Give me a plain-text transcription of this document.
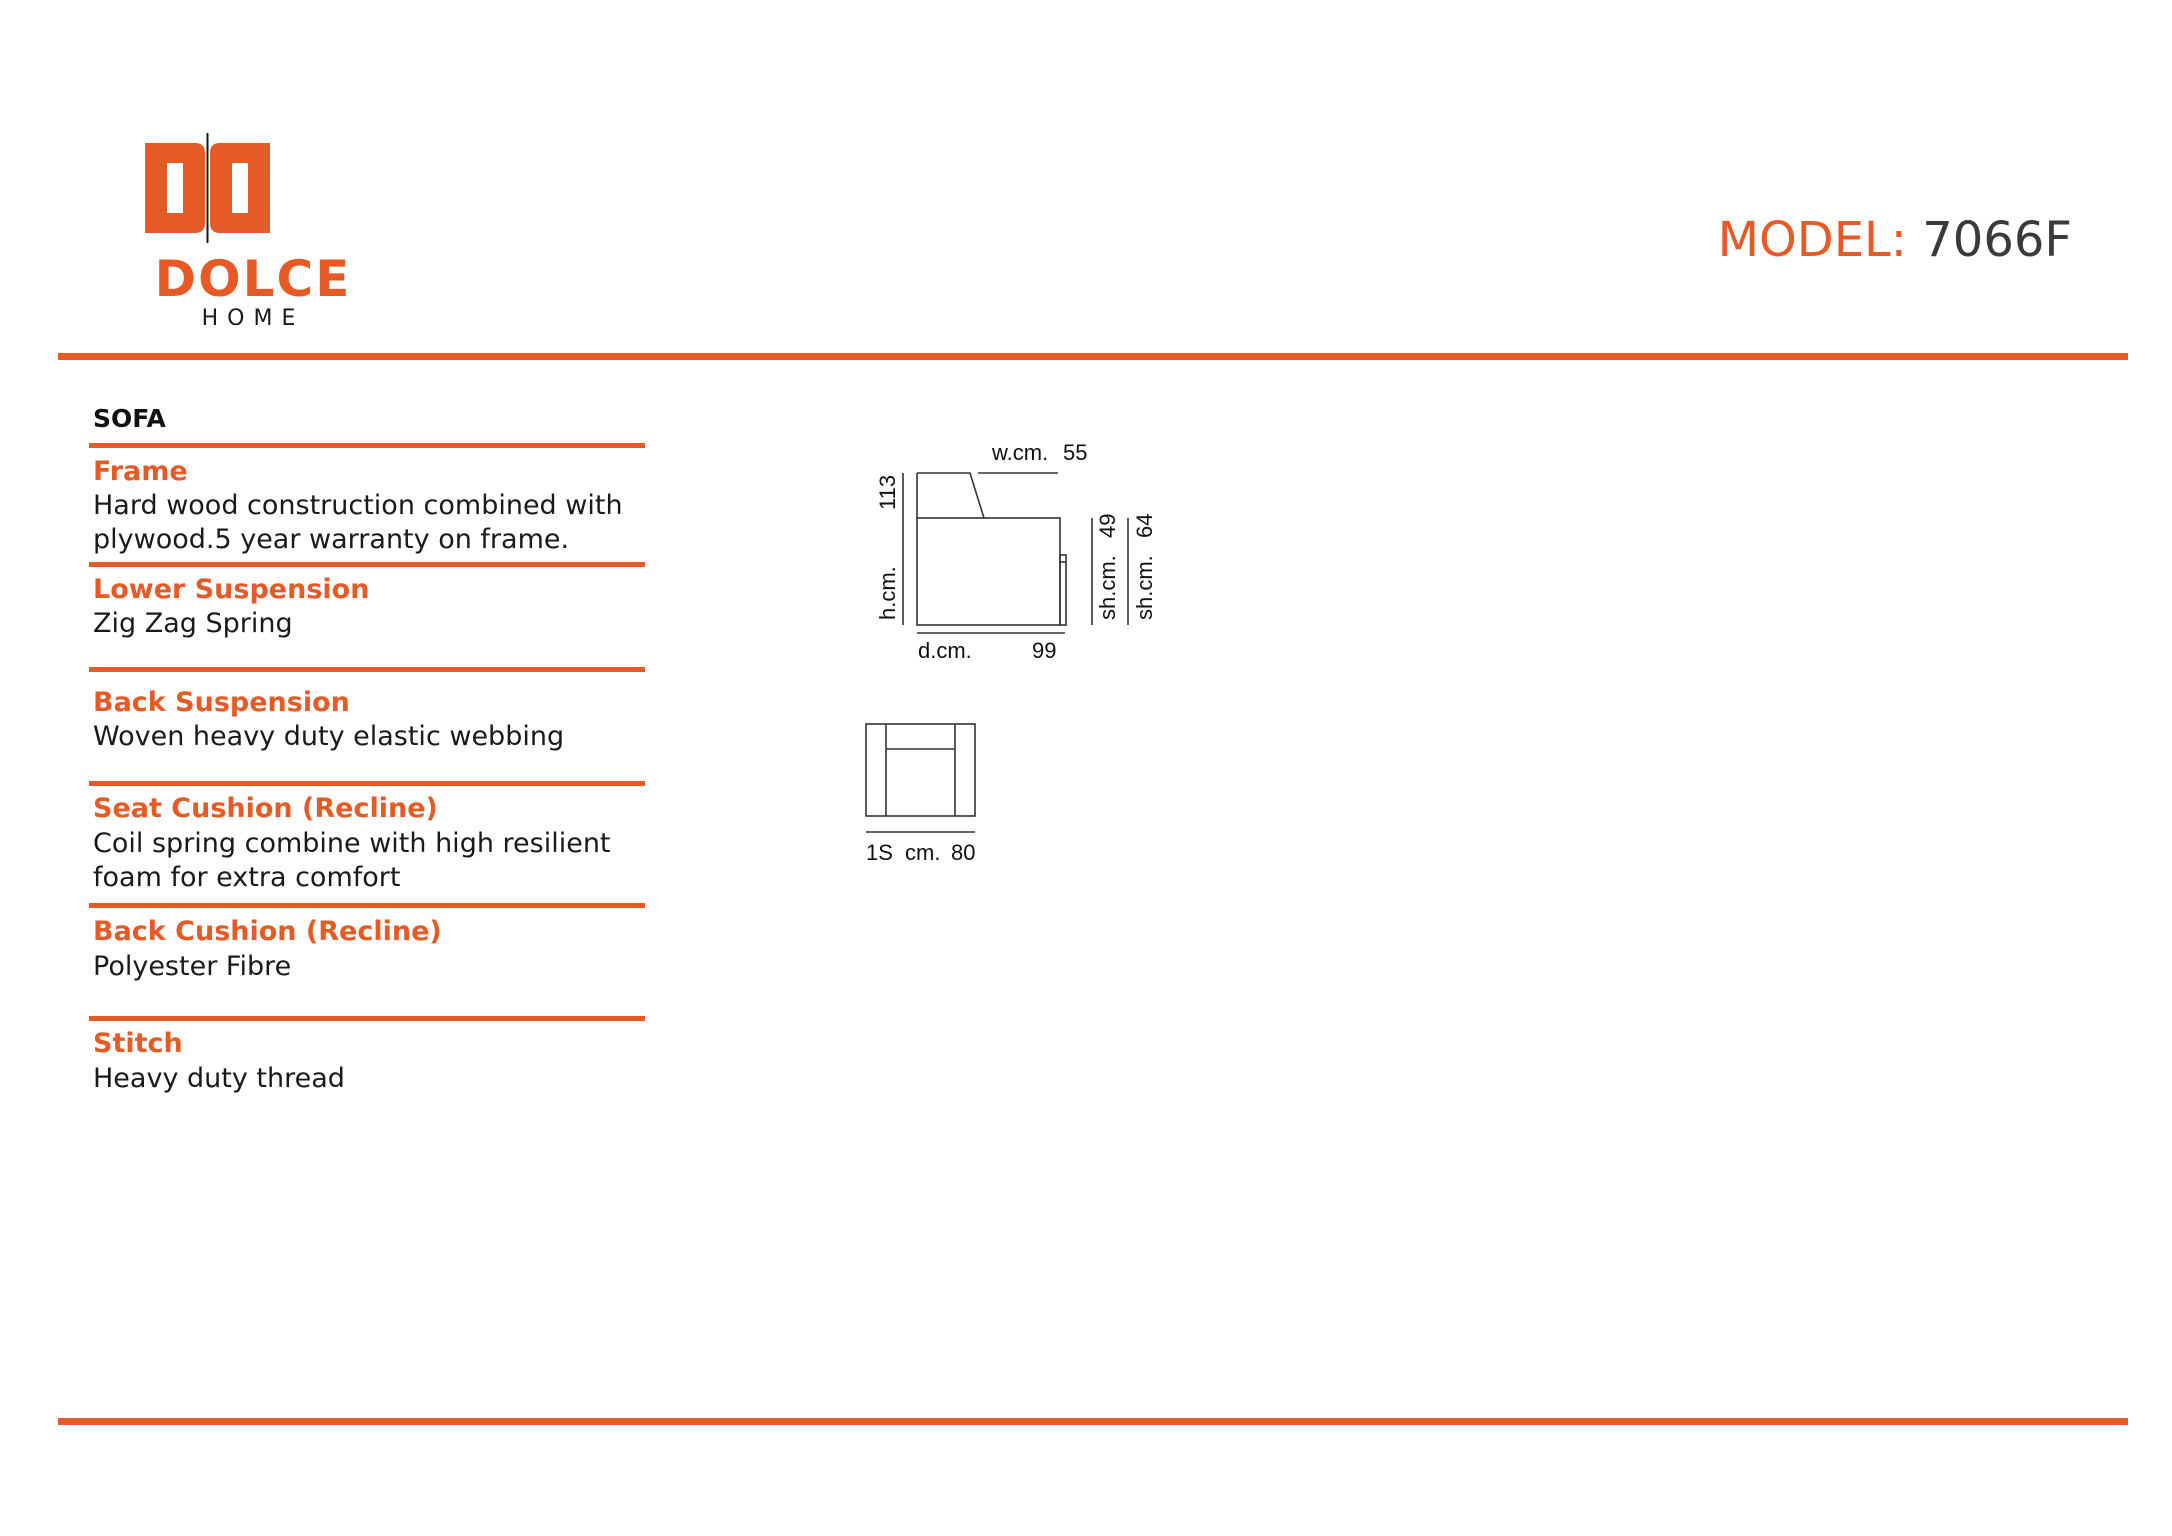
DOLCE
HOME
MODEL: 7066F
SOFA
Frame
Hard wood construction combined with plywood.5 year warranty on frame.
Lower Suspension
Zig Zag Spring
Back Suspension
Woven heavy duty elastic webbing
Seat Cushion (Recline)
Coil spring combine with high resilient foam for extra comfort
Back Cushion (Recline)
Polyester Fibre
Stitch
Heavy duty thread
w.cm. 55
113
h.cm.
d.cm.	99
49
sh.cm.
64
sh.cm.
1S cm. 80
